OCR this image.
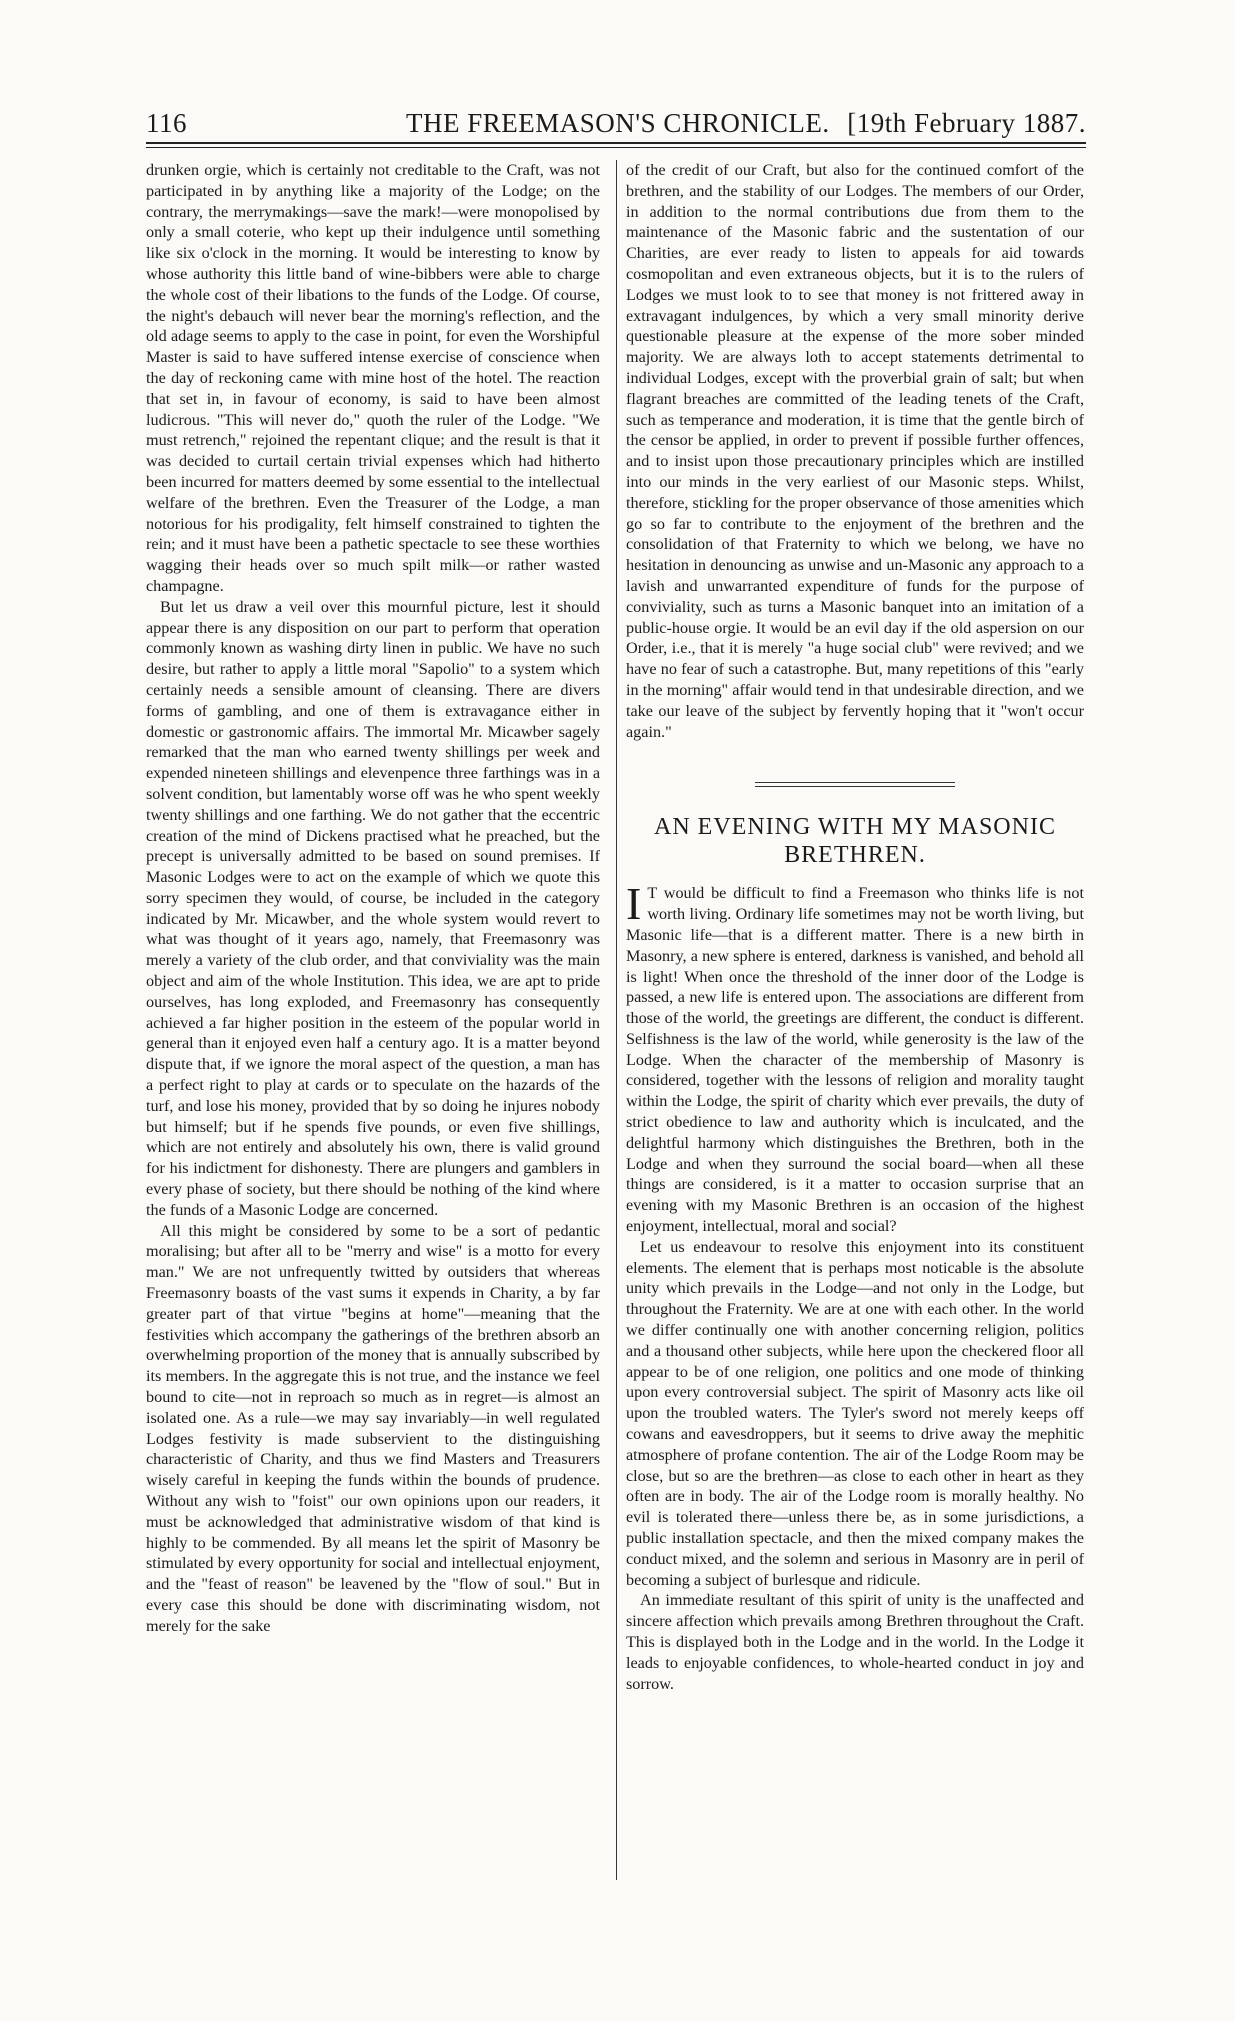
116	THE FREEMASON'S CHRONICLE. [19th February 1887.

drunken orgie, which is certainly not creditable to the Craft, was not participated in by anything like a majority of the Lodge; on the contrary, the merrymakings—save the mark!—were monopolised by only a small coterie, who kept up their indulgence until something like six o'clock in the morning. It would be interesting to know by whose authority this little band of wine-bibbers were able to charge the whole cost of their libations to the funds of the Lodge. Of course, the night's debauch will never bear the morning's reflection, and the old adage seems to apply to the case in point, for even the Worshipful Master is said to have suffered intense exercise of conscience when the day of reckoning came with mine host of the hotel. The reaction that set in, in favour of economy, is said to have been almost ludicrous. "This will never do," quoth the ruler of the Lodge. "We must retrench," rejoined the repentant clique; and the result is that it was decided to curtail certain trivial expenses which had hitherto been incurred for matters deemed by some essential to the intellectual welfare of the brethren. Even the Treasurer of the Lodge, a man notorious for his prodigality, felt himself constrained to tighten the rein; and it must have been a pathetic spectacle to see these worthies wagging their heads over so much spilt milk—or rather wasted champagne.

But let us draw a veil over this mournful picture, lest it should appear there is any disposition on our part to perform that operation commonly known as washing dirty linen in public. We have no such desire, but rather to apply a little moral "Sapolio" to a system which certainly needs a sensible amount of cleansing. There are divers forms of gambling, and one of them is extravagance either in domestic or gastronomic affairs. The immortal Mr. Micawber sagely remarked that the man who earned twenty shillings per week and expended nineteen shillings and elevenpence three farthings was in a solvent condition, but lamentably worse off was he who spent weekly twenty shillings and one farthing. We do not gather that the eccentric creation of the mind of Dickens practised what he preached, but the precept is universally admitted to be based on sound premises. If Masonic Lodges were to act on the example of which we quote this sorry specimen they would, of course, be included in the category indicated by Mr. Micawber, and the whole system would revert to what was thought of it years ago, namely, that Freemasonry was merely a variety of the club order, and that conviviality was the main object and aim of the whole Institution. This idea, we are apt to pride ourselves, has long exploded, and Freemasonry has consequently achieved a far higher position in the esteem of the popular world in general than it enjoyed even half a century ago. It is a matter beyond dispute that, if we ignore the moral aspect of the question, a man has a perfect right to play at cards or to speculate on the hazards of the turf, and lose his money, provided that by so doing he injures nobody but himself; but if he spends five pounds, or even five shillings, which are not entirely and absolutely his own, there is valid ground for his indictment for dishonesty. There are plungers and gamblers in every phase of society, but there should be nothing of the kind where the funds of a Masonic Lodge are concerned.

All this might be considered by some to be a sort of pedantic moralising; but after all to be "merry and wise" is a motto for every man." We are not unfrequently twitted by outsiders that whereas Freemasonry boasts of the vast sums it expends in Charity, a by far greater part of that virtue "begins at home"—meaning that the festivities which accompany the gatherings of the brethren absorb an overwhelming proportion of the money that is annually subscribed by its members. In the aggregate this is not true, and the instance we feel bound to cite—not in reproach so much as in regret—is almost an isolated one. As a rule—we may say invariably—in well regulated Lodges festivity is made subservient to the distinguishing characteristic of Charity, and thus we find Masters and Treasurers wisely careful in keeping the funds within the bounds of prudence. Without any wish to "foist" our own opinions upon our readers, it must be acknowledged that administrative wisdom of that kind is highly to be commended. By all means let the spirit of Masonry be stimulated by every opportunity for social and intellectual enjoyment, and the "feast of reason" be leavened by the "flow of soul." But in every case this should be done with discriminating wisdom, not merely for the sake

of the credit of our Craft, but also for the continued comfort of the brethren, and the stability of our Lodges. The members of our Order, in addition to the normal contributions due from them to the maintenance of the Masonic fabric and the sustentation of our Charities, are ever ready to listen to appeals for aid towards cosmopolitan and even extraneous objects, but it is to the rulers of Lodges we must look to to see that money is not frittered away in extravagant indulgences, by which a very small minority derive questionable pleasure at the expense of the more sober minded majority. We are always loth to accept statements detrimental to individual Lodges, except with the proverbial grain of salt; but when flagrant breaches are committed of the leading tenets of the Craft, such as temperance and moderation, it is time that the gentle birch of the censor be applied, in order to prevent if possible further offences, and to insist upon those precautionary principles which are instilled into our minds in the very earliest of our Masonic steps. Whilst, therefore, stickling for the proper observance of those amenities which go so far to contribute to the enjoyment of the brethren and the consolidation of that Fraternity to which we belong, we have no hesitation in denouncing as unwise and un-Masonic any approach to a lavish and unwarranted expenditure of funds for the purpose of conviviality, such as turns a Masonic banquet into an imitation of a public-house orgie. It would be an evil day if the old aspersion on our Order, i.e., that it is merely "a huge social club" were revived; and we have no fear of such a catastrophe. But, many repetitions of this "early in the morning" affair would tend in that undesirable direction, and we take our leave of the subject by fervently hoping that it "won't occur again."

AN EVENING WITH MY MASONIC BRETHREN.

I T would be difficult to find a Freemason who thinks life is not worth living. Ordinary life sometimes may not be worth living, but Masonic life—that is a different matter. There is a new birth in Masonry, a new sphere is entered, darkness is vanished, and behold all is light! When once the threshold of the inner door of the Lodge is passed, a new life is entered upon. The associations are different from those of the world, the greetings are different, the conduct is different. Selfishness is the law of the world, while generosity is the law of the Lodge. When the character of the membership of Masonry is considered, together with the lessons of religion and morality taught within the Lodge, the spirit of charity which ever prevails, the duty of strict obedience to law and authority which is inculcated, and the delightful harmony which distinguishes the Brethren, both in the Lodge and when they surround the social board—when all these things are considered, is it a matter to occasion surprise that an evening with my Masonic Brethren is an occasion of the highest enjoyment, intellectual, moral and social?

Let us endeavour to resolve this enjoyment into its constituent elements. The element that is perhaps most noticable is the absolute unity which prevails in the Lodge—and not only in the Lodge, but throughout the Fraternity. We are at one with each other. In the world we differ continually one with another concerning religion, politics and a thousand other subjects, while here upon the checkered floor all appear to be of one religion, one politics and one mode of thinking upon every controversial subject. The spirit of Masonry acts like oil upon the troubled waters. The Tyler's sword not merely keeps off cowans and eavesdroppers, but it seems to drive away the mephitic atmosphere of profane contention. The air of the Lodge Room may be close, but so are the brethren—as close to each other in heart as they often are in body. The air of the Lodge room is morally healthy. No evil is tolerated there—unless there be, as in some jurisdictions, a public installation spectacle, and then the mixed company makes the conduct mixed, and the solemn and serious in Masonry are in peril of becoming a subject of burlesque and ridicule.

An immediate resultant of this spirit of unity is the unaffected and sincere affection which prevails among Brethren throughout the Craft. This is displayed both in the Lodge and in the world. In the Lodge it leads to enjoyable confidences, to whole-hearted conduct in joy and sorrow.
